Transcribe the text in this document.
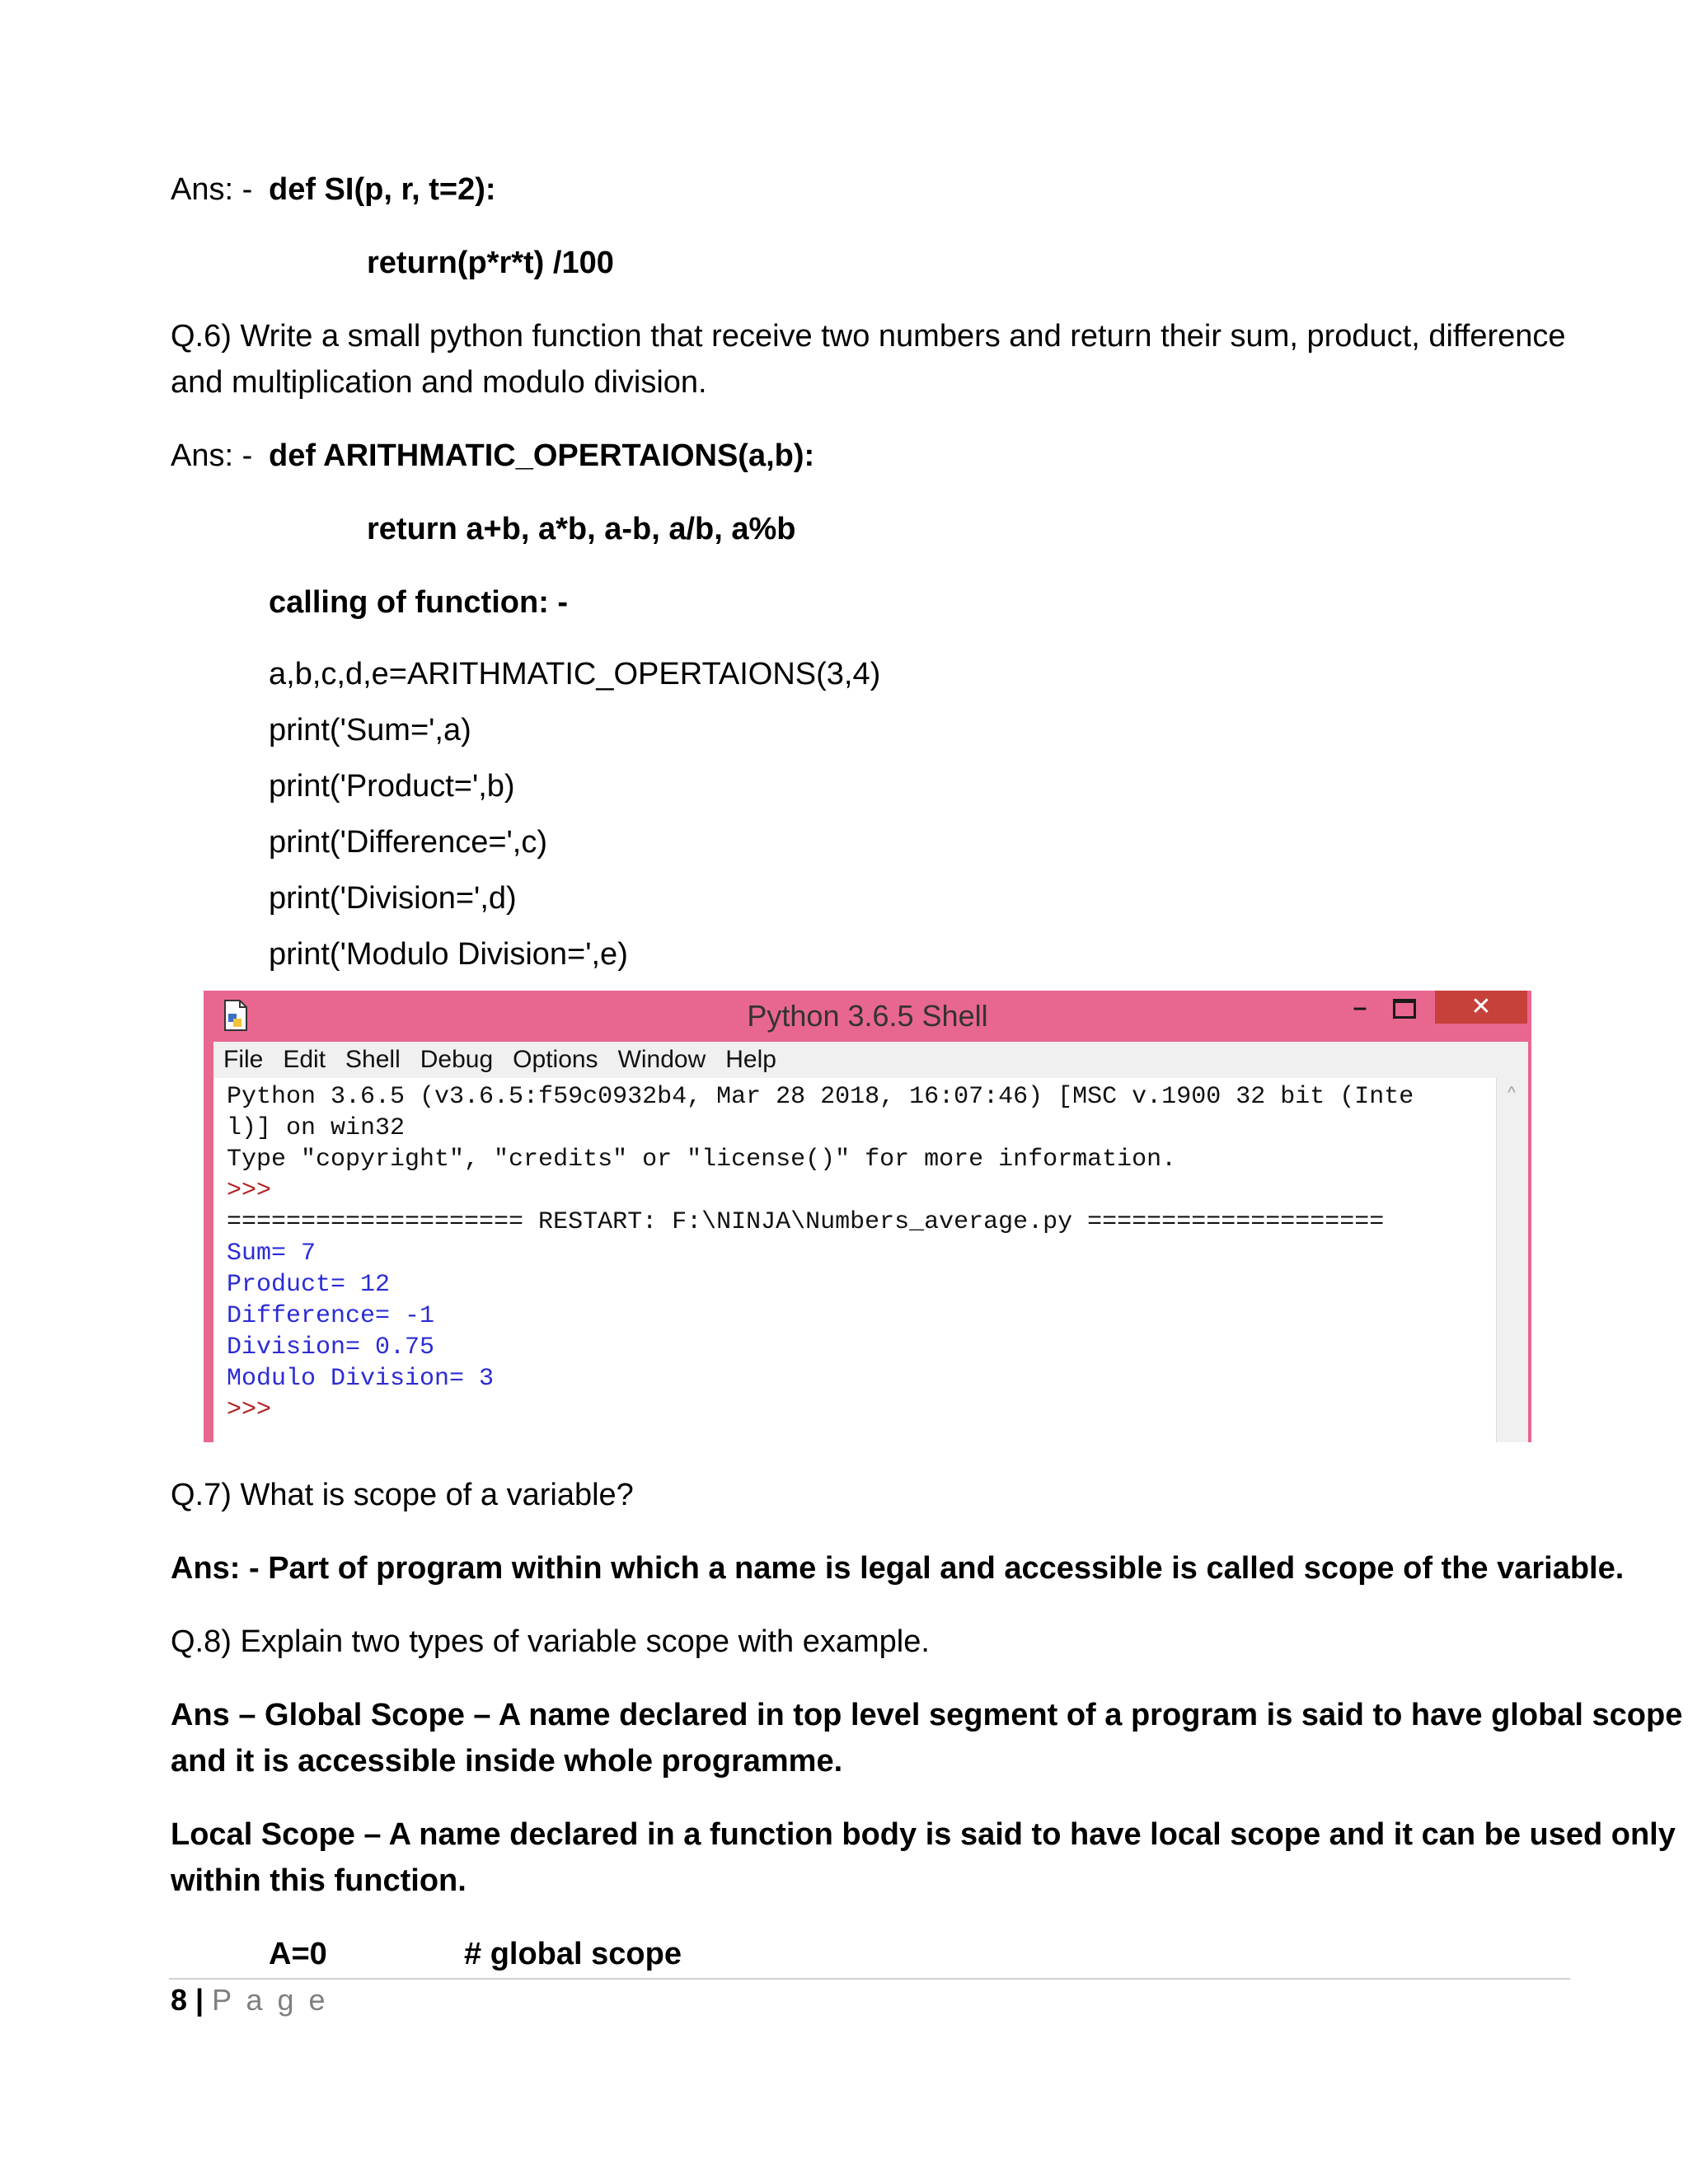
Ans: - def SI(p, r, t=2):
return(p*r*t) /100
Q.6) Write a small python function that receive two numbers and return their sum, product, difference
and multiplication and modulo division.
Ans: - def ARITHMATIC_OPERTAIONS(a,b):
return a+b, a*b, a-b, a/b, a%b
calling of function: -
a,b,c,d,e=ARITHMATIC_OPERTAIONS(3,4)
print('Sum=',a)
print('Product=',b)
print('Difference=',c)
print('Division=',d)
print('Modulo Division=',e)
Python 3.6.5 Shell	–	✕
File Edit Shell Debug Options Window Help
Python 3.6.5 (v3.6.5:f59c0932b4, Mar 28 2018, 16:07:46) [MSC v.1900 32 bit (Inte
l)] on win32
Type "copyright", "credits" or "license()" for more information.
>>>
==================== RESTART: F:\NINJA\Numbers_average.py ====================
Sum= 7
Product= 12
Difference= -1
Division= 0.75
Modulo Division= 3
>>>
^
Q.7) What is scope of a variable?
Ans: - Part of program within which a name is legal and accessible is called scope of the variable.
Q.8) Explain two types of variable scope with example.
Ans – Global Scope – A name declared in top level segment of a program is said to have global scope
and it is accessible inside whole programme.
Local Scope – A name declared in a function body is said to have local scope and it can be used only
within this function.
A=0	# global scope
8 | P a g e
